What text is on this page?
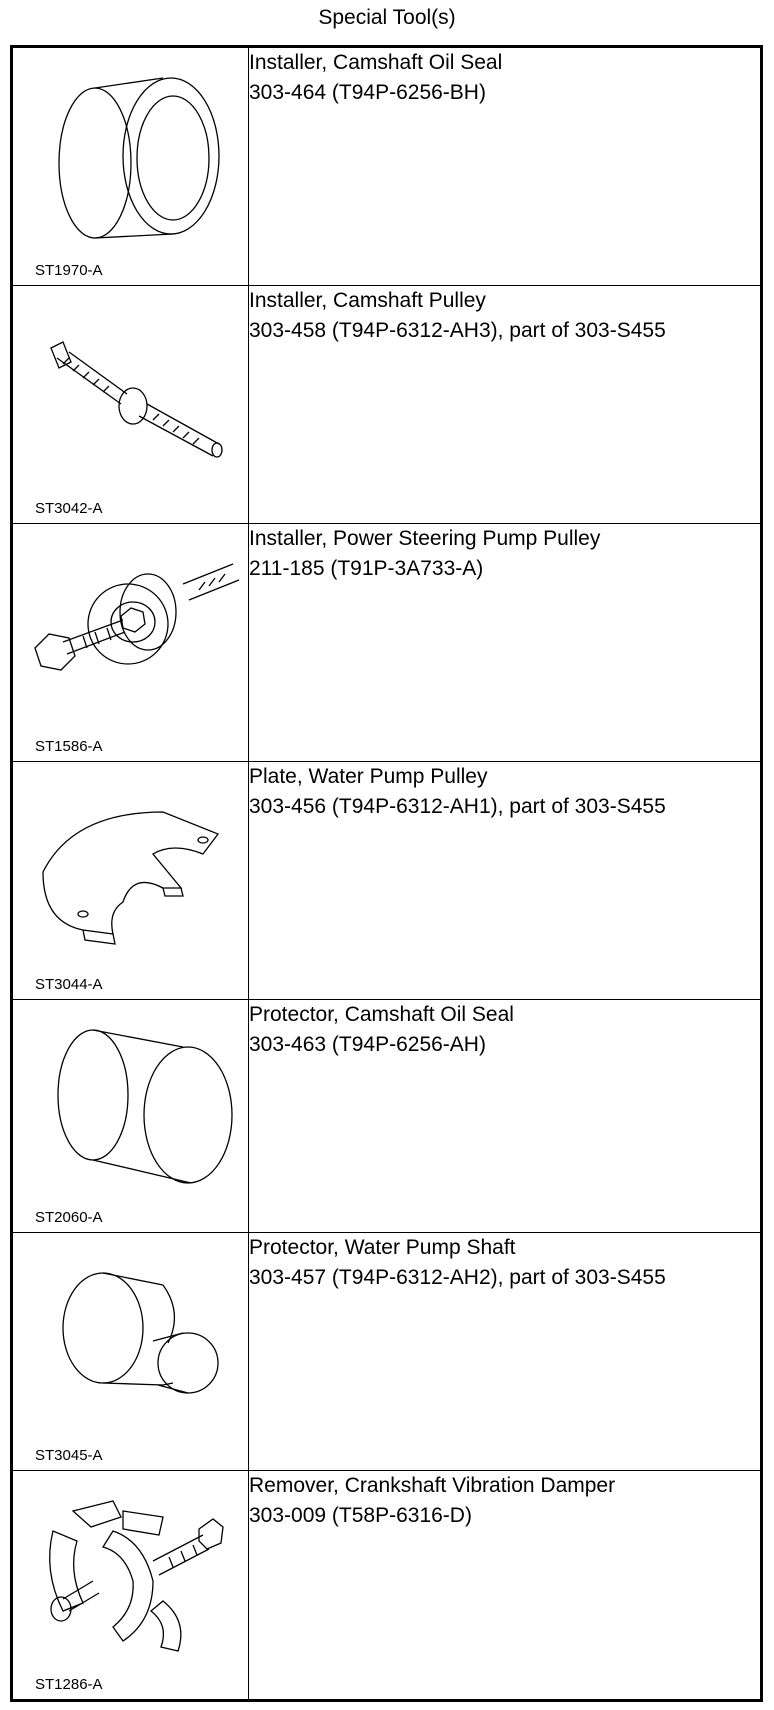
Special Tool(s)
ST1970-A	Installer, Camshaft Oil Seal
303-464 (T94P-6256-BH)

ST3042-A	Installer, Camshaft Pulley
303-458 (T94P-6312-AH3), part of 303-S455

ST1586-A	Installer, Power Steering Pump Pulley
211-185 (T91P-3A733-A)

ST3044-A	Plate, Water Pump Pulley
303-456 (T94P-6312-AH1), part of 303-S455

ST2060-A	Protector, Camshaft Oil Seal
303-463 (T94P-6256-AH)

ST3045-A	Protector, Water Pump Shaft
303-457 (T94P-6312-AH2), part of 303-S455

ST1286-A	Remover, Crankshaft Vibration Damper
303-009 (T58P-6316-D)
